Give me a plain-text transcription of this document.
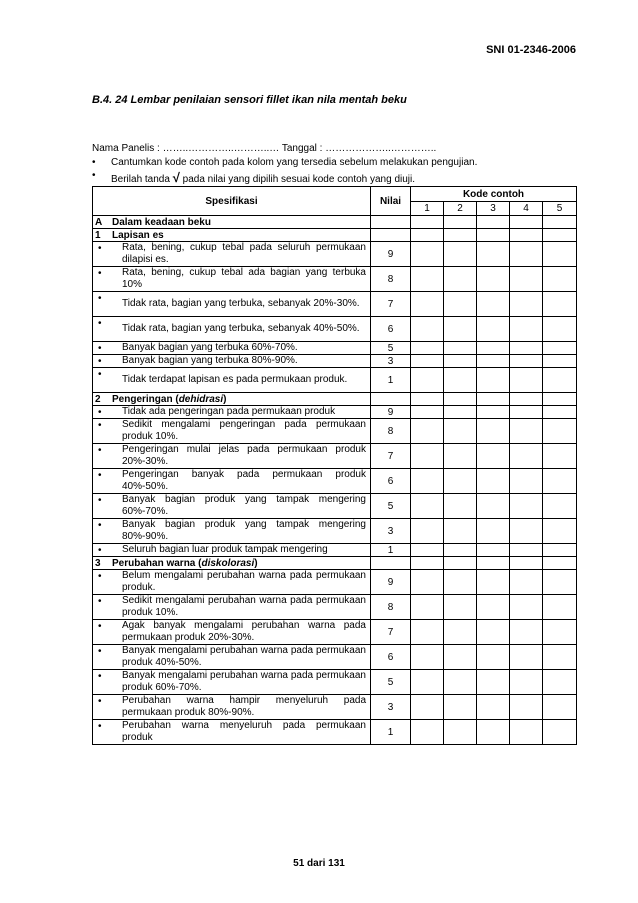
SNI 01-2346-2006
B.4. 24 Lembar penilaian sensori fillet ikan nila mentah beku
Nama Panelis : ……..…………..………..… Tanggal : ………………..…………..
• Cantumkan kode contoh pada kolom yang tersedia sebelum melakukan pengujian.
• Berilah tanda √ pada nilai yang dipilih sesuai kode contoh yang diuji.
Spesifikasi	Nilai	Kode contoh				
		1	2	3	4	5
A Dalam keadaan beku						
1 Lapisan es						

• Rata, bening, cukup tebal pada seluruh permukaan dilapisi es.	9					

• Rata, bening, cukup tebal ada bagian yang terbuka 10%	8					

• Tidak rata, bagian yang terbuka, sebanyak 20%-30%.	7					

• Tidak rata, bagian yang terbuka, sebanyak 40%-50%.	6					

• Banyak bagian yang terbuka 60%-70%.	5					

• Banyak bagian yang terbuka 80%-90%.	3					

• Tidak terdapat lapisan es pada permukaan produk.	1					
2 Pengeringan (dehidrasi)						

• Tidak ada pengeringan pada permukaan produk	9					

• Sedikit mengalami pengeringan pada permukaan produk 10%.	8					

• Pengeringan mulai jelas pada permukaan produk 20%-30%.	7					

• Pengeringan banyak pada permukaan produk 40%-50%.	6					

• Banyak bagian produk yang tampak mengering 60%-70%.	5					

• Banyak bagian produk yang tampak mengering 80%-90%.	3					

• Seluruh bagian luar produk tampak mengering	1					
3 Perubahan warna (diskolorasi)						

• Belum mengalami perubahan warna pada permukaan produk.	9					

• Sedikit mengalami perubahan warna pada permukaan produk 10%.	8					

• Agak banyak mengalami perubahan warna pada permukaan produk 20%-30%.	7					

• Banyak mengalami perubahan warna pada permukaan produk 40%-50%.	6					

• Banyak mengalami perubahan warna pada permukaan produk 60%-70%.	5					

• Perubahan warna hampir menyeluruh pada permukaan produk 80%-90%.	3					

• Perubahan warna menyeluruh pada permukaan produk	1					
51 dari 131
